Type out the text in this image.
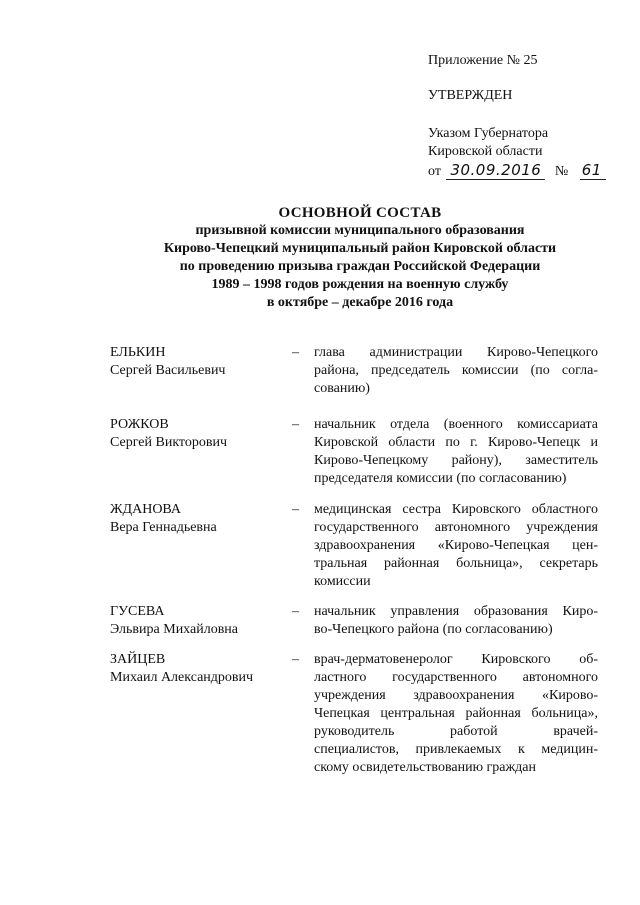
Приложение № 25
УТВЕРЖДЕН
Указом Губернатора
Кировской области
от 30.09.2016 № 61
ОСНОВНОЙ СОСТАВ
призывной комиссии муниципального образования
Кирово-Чепецкий муниципальный район Кировской области
по проведению призыва граждан Российской Федерации
1989 – 1998 годов рождения на военную службу
в октябре – декабре 2016 года
ЕЛЬКИН
Сергей Васильевич
–	глава администрации Кирово-Чепецкого
района, председатель комиссии (по согла-
сованию)
РОЖКОВ
Сергей Викторович
–	начальник отдела (военного комиссариата
Кировской области по г. Кирово-Чепецк и
Кирово-Чепецкому району), заместитель
председателя комиссии (по согласованию)
ЖДАНОВА
Вера Геннадьевна
–	медицинская сестра Кировского областного
государственного автономного учреждения
здравоохранения «Кирово-Чепецкая цен-
тральная районная больница», секретарь
комиссии
ГУСЕВА
Эльвира Михайловна
–	начальник управления образования Киро-
во-Чепецкого района (по согласованию)
ЗАЙЦЕВ
Михаил Александрович
–	врач-дерматовенеролог Кировского об-
ластного государственного автономного
учреждения здравоохранения «Кирово-
Чепецкая центральная районная больница»,
руководитель работой врачей-
специалистов, привлекаемых к медицин-
скому освидетельствованию граждан
